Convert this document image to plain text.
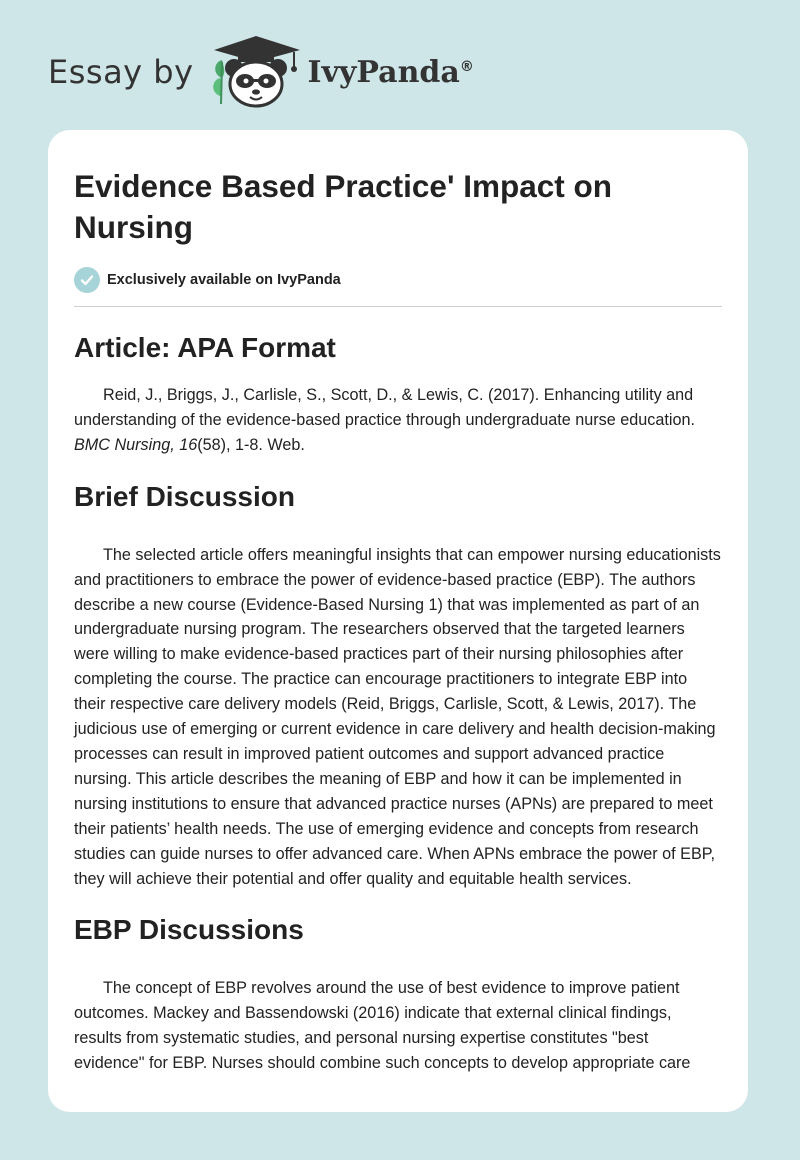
Essay by	IvyPanda®
Evidence Based Practice' Impact on Nursing
Exclusively available on IvyPanda
Article: APA Format

Reid, J., Briggs, J., Carlisle, S., Scott, D., & Lewis, C. (2017). Enhancing utility and understanding of the evidence-based practice through undergraduate nurse education. BMC Nursing, 16(58), 1-8. Web.

Brief Discussion

The selected article offers meaningful insights that can empower nursing educationists and practitioners to embrace the power of evidence-based practice (EBP). The authors describe a new course (Evidence-Based Nursing 1) that was implemented as part of an undergraduate nursing program. The researchers observed that the targeted learners were willing to make evidence-based practices part of their nursing philosophies after completing the course. The practice can encourage practitioners to integrate EBP into their respective care delivery models (Reid, Briggs, Carlisle, Scott, & Lewis, 2017). The judicious use of emerging or current evidence in care delivery and health decision-making processes can result in improved patient outcomes and support advanced practice nursing. This article describes the meaning of EBP and how it can be implemented in nursing institutions to ensure that advanced practice nurses (APNs) are prepared to meet their patients’ health needs. The use of emerging evidence and concepts from research studies can guide nurses to offer advanced care. When APNs embrace the power of EBP, they will achieve their potential and offer quality and equitable health services.

EBP Discussions

The concept of EBP revolves around the use of best evidence to improve patient outcomes. Mackey and Bassendowski (2016) indicate that external clinical findings, results from systematic studies, and personal nursing expertise constitutes "best evidence" for EBP. Nurses should combine such concepts to develop appropriate care
